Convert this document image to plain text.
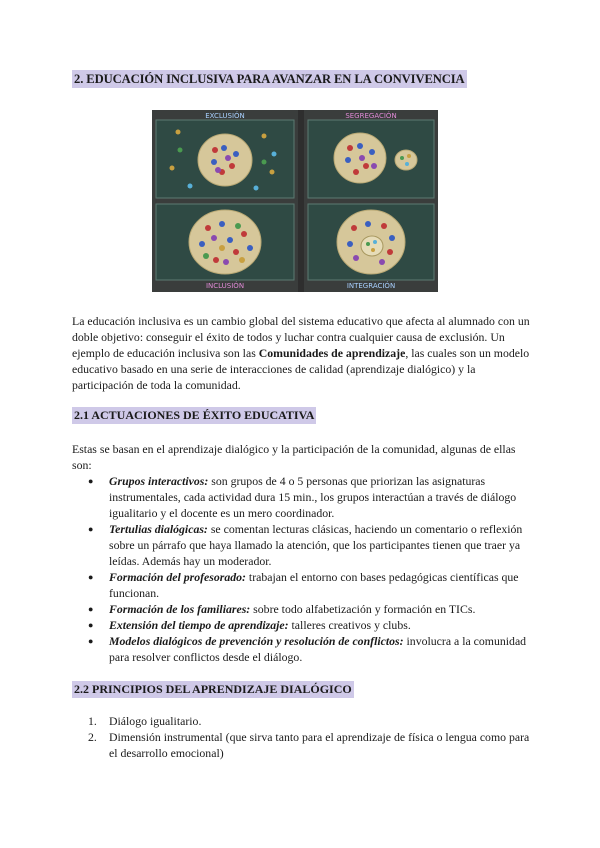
2. EDUCACIÓN INCLUSIVA PARA AVANZAR EN LA CONVIVENCIA
EXCLUSIÓN	SEGREGACIÓN
INCLUSIÓN	INTEGRACIÓN

La educación inclusiva es un cambio global del sistema educativo que afecta al alumnado con un doble objetivo: conseguir el éxito de todos y luchar contra cualquier causa de exclusión. Un ejemplo de educación inclusiva son las Comunidades de aprendizaje, las cuales son un modelo educativo basado en una serie de interacciones de calidad (aprendizaje dialógico) y la participación de toda la comunidad.

2.1 ACTUACIONES DE ÉXITO EDUCATIVA

Estas se basan en el aprendizaje dialógico y la participación de la comunidad, algunas de ellas son:

● Grupos interactivos: son grupos de 4 o 5 personas que priorizan las asignaturas instrumentales, cada actividad dura 15 min., los grupos interactúan a través de diálogo igualitario y el docente es un mero coordinador.
● Tertulias dialógicas: se comentan lecturas clásicas, haciendo un comentario o reflexión sobre un párrafo que haya llamado la atención, que los participantes tienen que traer ya leídas. Además hay un moderador.
● Formación del profesorado: trabajan el entorno con bases pedagógicas científicas que funcionan.
● Formación de los familiares: sobre todo alfabetización y formación en TICs.
● Extensión del tiempo de aprendizaje: talleres creativos y clubs.
● Modelos dialógicos de prevención y resolución de conflictos: involucra a la comunidad para resolver conflictos desde el diálogo.
2.2 PRINCIPIOS DEL APRENDIZAJE DIALÓGICO
1. Diálogo igualitario.
2. Dimensión instrumental (que sirva tanto para el aprendizaje de física o lengua como para el desarrollo emocional)
